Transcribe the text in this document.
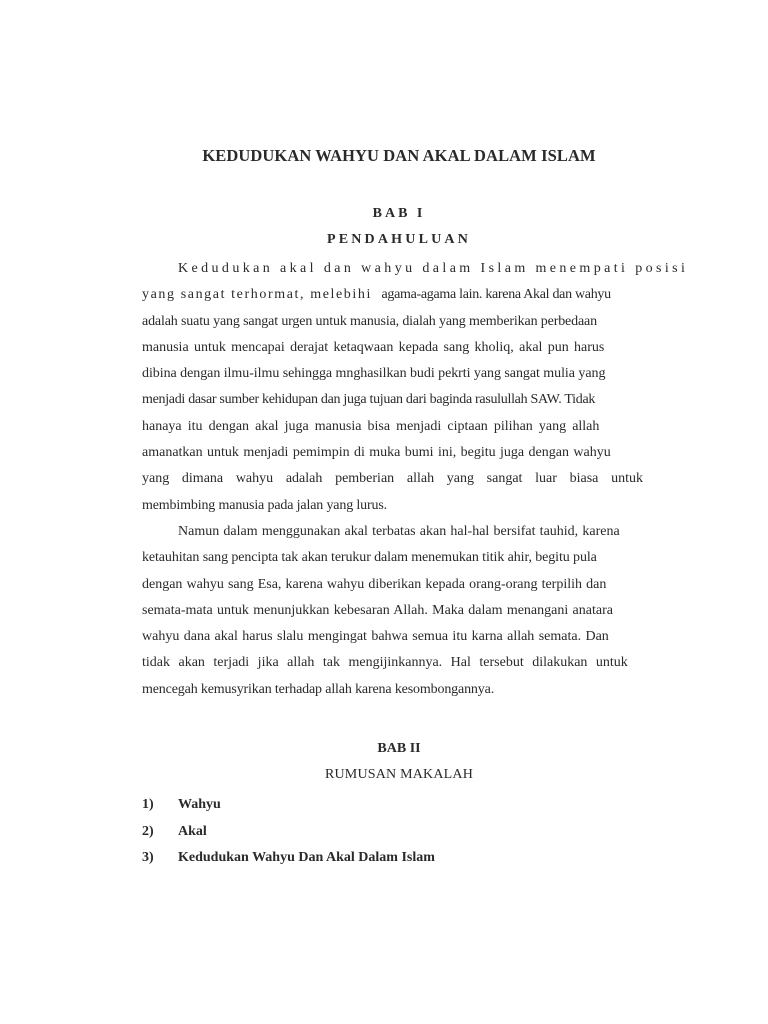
KEDUDUKAN WAHYU DAN AKAL DALAM ISLAM
BAB I
PENDAHULUAN
Kedudukan akal dan wahyu dalam Islam menempati posisi
yang sangat terhormat, melebihi agama-agama lain. karena Akal dan wahyu
adalah suatu yang sangat urgen untuk manusia, dialah yang memberikan perbedaan
manusia untuk mencapai derajat ketaqwaan kepada sang kholiq, akal pun harus
dibina dengan ilmu-ilmu sehingga mnghasilkan budi pekrti yang sangat mulia yang
menjadi dasar sumber kehidupan dan juga tujuan dari baginda rasulullah SAW. Tidak
hanaya itu dengan akal juga manusia bisa menjadi ciptaan pilihan yang allah
amanatkan untuk menjadi pemimpin di muka bumi ini, begitu juga dengan wahyu
yang dimana wahyu adalah pemberian allah yang sangat luar biasa untuk
membimbing manusia pada jalan yang lurus.
Namun dalam menggunakan akal terbatas akan hal-hal bersifat tauhid, karena
ketauhitan sang pencipta tak akan terukur dalam menemukan titik ahir, begitu pula
dengan wahyu sang Esa, karena wahyu diberikan kepada orang-orang terpilih dan
semata-mata untuk menunjukkan kebesaran Allah. Maka dalam menangani anatara
wahyu dana akal harus slalu mengingat bahwa semua itu karna allah semata. Dan
tidak akan terjadi jika allah tak mengijinkannya. Hal tersebut dilakukan untuk
mencegah kemusyrikan terhadap allah karena kesombongannya.
BAB II
RUMUSAN MAKALAH
1)	Wahyu
2)	Akal
3)	Kedudukan Wahyu Dan Akal Dalam Islam
